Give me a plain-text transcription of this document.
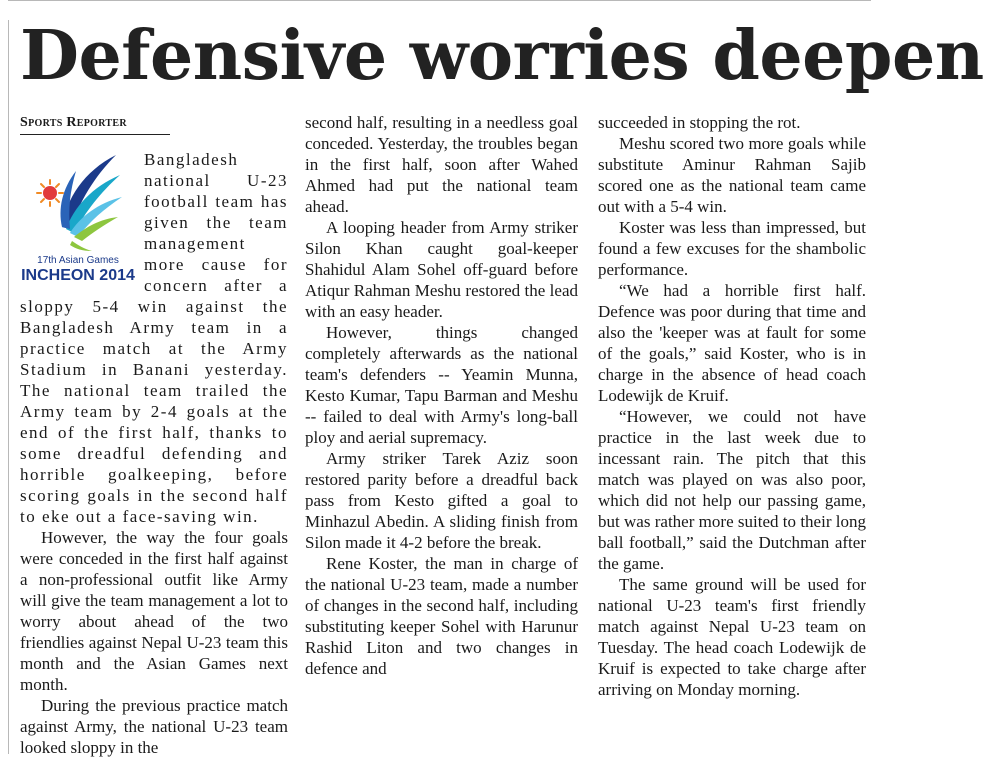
Defensive worries deepen
Sports Reporter
17th Asian Games
INCHEON 2014

Bangladesh national U-23 football team has given the team management more cause for concern after a sloppy 5-4 win against the Bangladesh Army team in a practice match at the Army Stadium in Banani yesterday. The national team trailed the Army team by 2-4 goals at the end of the first half, thanks to some dreadful defending and horrible goalkeeping, before scoring goals in the second half to eke out a face-saving win.

However, the way the four goals were conceded in the first half against a non-professional outfit like Army will give the team management a lot to worry about ahead of the two friendlies against Nepal U-23 team this month and the Asian Games next month.

During the previous practice match against Army, the national U-23 team looked sloppy in the

second half, resulting in a needless goal conceded. Yesterday, the troubles began in the first half, soon after Wahed Ahmed had put the national team ahead.

A looping header from Army striker Silon Khan caught goal-keeper Shahidul Alam Sohel off-guard before Atiqur Rahman Meshu restored the lead with an easy header.

However, things changed completely afterwards as the national team's defenders -- Yeamin Munna, Kesto Kumar, Tapu Barman and Meshu -- failed to deal with Army's long-ball ploy and aerial supremacy.

Army striker Tarek Aziz soon restored parity before a dreadful back pass from Kesto gifted a goal to Minhazul Abedin. A sliding finish from Silon made it 4-2 before the break.

Rene Koster, the man in charge of the national U-23 team, made a number of changes in the second half, including substituting keeper Sohel with Harunur Rashid Liton and two changes in defence and

succeeded in stopping the rot.

Meshu scored two more goals while substitute Aminur Rahman Sajib scored one as the national team came out with a 5-4 win.

Koster was less than impressed, but found a few excuses for the shambolic performance.

“We had a horrible first half. Defence was poor during that time and also the 'keeper was at fault for some of the goals,” said Koster, who is in charge in the absence of head coach Lodewijk de Kruif.

“However, we could not have practice in the last week due to incessant rain. The pitch that this match was played on was also poor, which did not help our passing game, but was rather more suited to their long ball football,” said the Dutchman after the game.

The same ground will be used for national U-23 team's first friendly match against Nepal U-23 team on Tuesday. The head coach Lodewijk de Kruif is expected to take charge after arriving on Monday morning.
